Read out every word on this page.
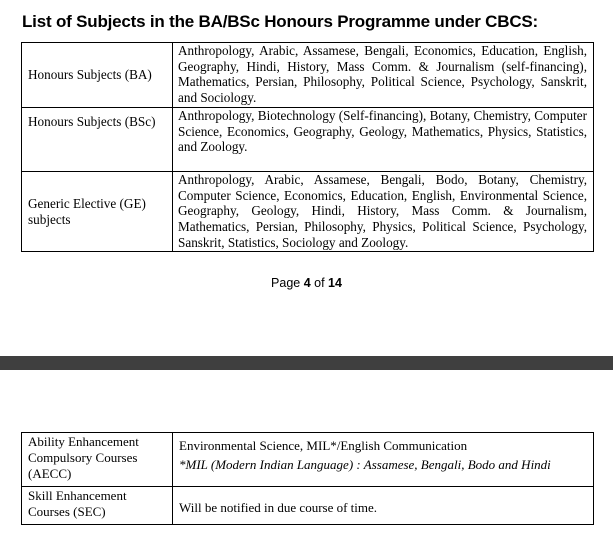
List of Subjects in the BA/BSc Honours Programme under CBCS:
Honours Subjects (BA)	Anthropology, Arabic, Assamese, Bengali, Economics, Education, English, Geography, Hindi, History, Mass Comm. & Journalism (self-financing), Mathematics, Persian, Philosophy, Political Science, Psychology, Sanskrit, and Sociology.
Honours Subjects (BSc)	Anthropology, Biotechnology (Self-financing), Botany, Chemistry, Computer Science, Economics, Geography, Geology, Mathematics, Physics, Statistics, and Zoology.
Generic Elective (GE) subjects	Anthropology, Arabic, Assamese, Bengali, Bodo, Botany, Chemistry, Computer Science, Economics, Education, English, Environmental Science, Geography, Geology, Hindi, History, Mass Comm. & Journalism, Mathematics, Persian, Philosophy, Physics, Political Science, Psychology, Sanskrit, Statistics, Sociology and Zoology.
Page 4 of 14
Ability Enhancement Compulsory Courses (AECC)	Environmental Science, MIL*/English Communication
*MIL (Modern Indian Language) : Assamese, Bengali, Bodo and Hindi

Skill Enhancement Courses (SEC)	Will be notified in due course of time.
